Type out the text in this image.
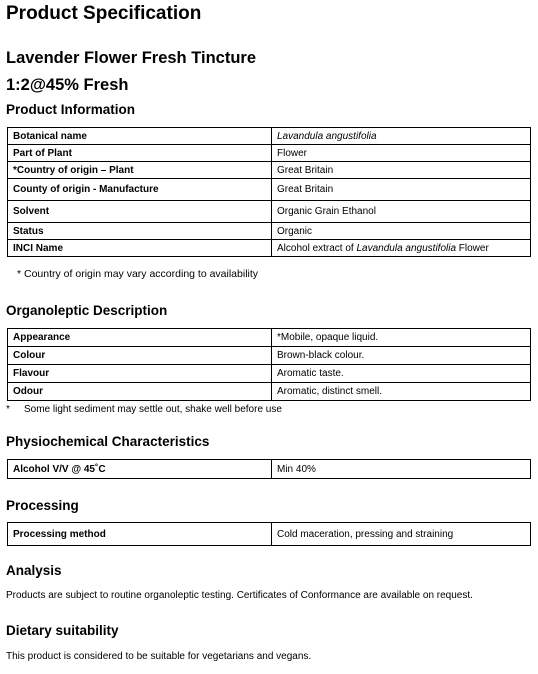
Product Specification
Lavender Flower Fresh Tincture
1:2@45% Fresh
Product Information
Botanical name	Lavandula angustifolia
Part of Plant	Flower
*Country of origin – Plant	Great Britain
County of origin - Manufacture	Great Britain
Solvent	Organic Grain Ethanol
Status	Organic
INCI Name	Alcohol extract of Lavandula angustifolia Flower
* Country of origin may vary according to availability
Organoleptic Description
Appearance	*Mobile, opaque liquid.
Colour	Brown-black colour.
Flavour	Aromatic taste.
Odour	Aromatic, distinct smell.
* Some light sediment may settle out, shake well before use
Physiochemical Characteristics
Alcohol V/V @ 45˚C	Min 40%
Processing
Processing method	Cold maceration, pressing and straining
Analysis
Products are subject to routine organoleptic testing. Certificates of Conformance are available on request.
Dietary suitability
This product is considered to be suitable for vegetarians and vegans.
